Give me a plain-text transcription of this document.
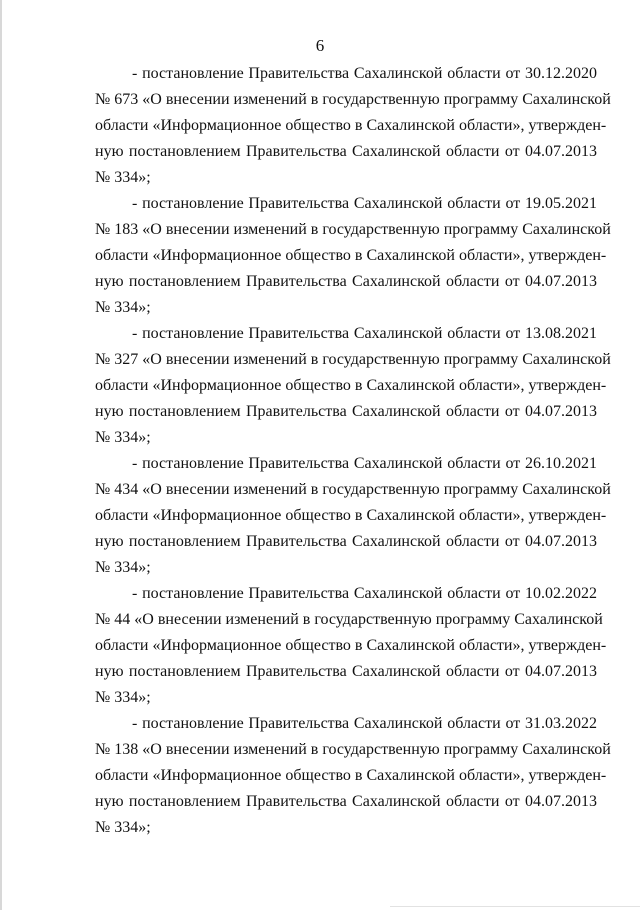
6
- постановление Правительства Сахалинской области от 30.12.2020
№ 673 «О внесении изменений в государственную программу Сахалинской
области «Информационное общество в Сахалинской области», утвержден-
ную постановлением Правительства Сахалинской области от 04.07.2013
№ 334»;
- постановление Правительства Сахалинской области от 19.05.2021
№ 183 «О внесении изменений в государственную программу Сахалинской
области «Информационное общество в Сахалинской области», утвержден-
ную постановлением Правительства Сахалинской области от 04.07.2013
№ 334»;
- постановление Правительства Сахалинской области от 13.08.2021
№ 327 «О внесении изменений в государственную программу Сахалинской
области «Информационное общество в Сахалинской области», утвержден-
ную постановлением Правительства Сахалинской области от 04.07.2013
№ 334»;
- постановление Правительства Сахалинской области от 26.10.2021
№ 434 «О внесении изменений в государственную программу Сахалинской
области «Информационное общество в Сахалинской области», утвержден-
ную постановлением Правительства Сахалинской области от 04.07.2013
№ 334»;
- постановление Правительства Сахалинской области от 10.02.2022
№ 44 «О внесении изменений в государственную программу Сахалинской
области «Информационное общество в Сахалинской области», утвержден-
ную постановлением Правительства Сахалинской области от 04.07.2013
№ 334»;
- постановление Правительства Сахалинской области от 31.03.2022
№ 138 «О внесении изменений в государственную программу Сахалинской
области «Информационное общество в Сахалинской области», утвержден-
ную постановлением Правительства Сахалинской области от 04.07.2013
№ 334»;
